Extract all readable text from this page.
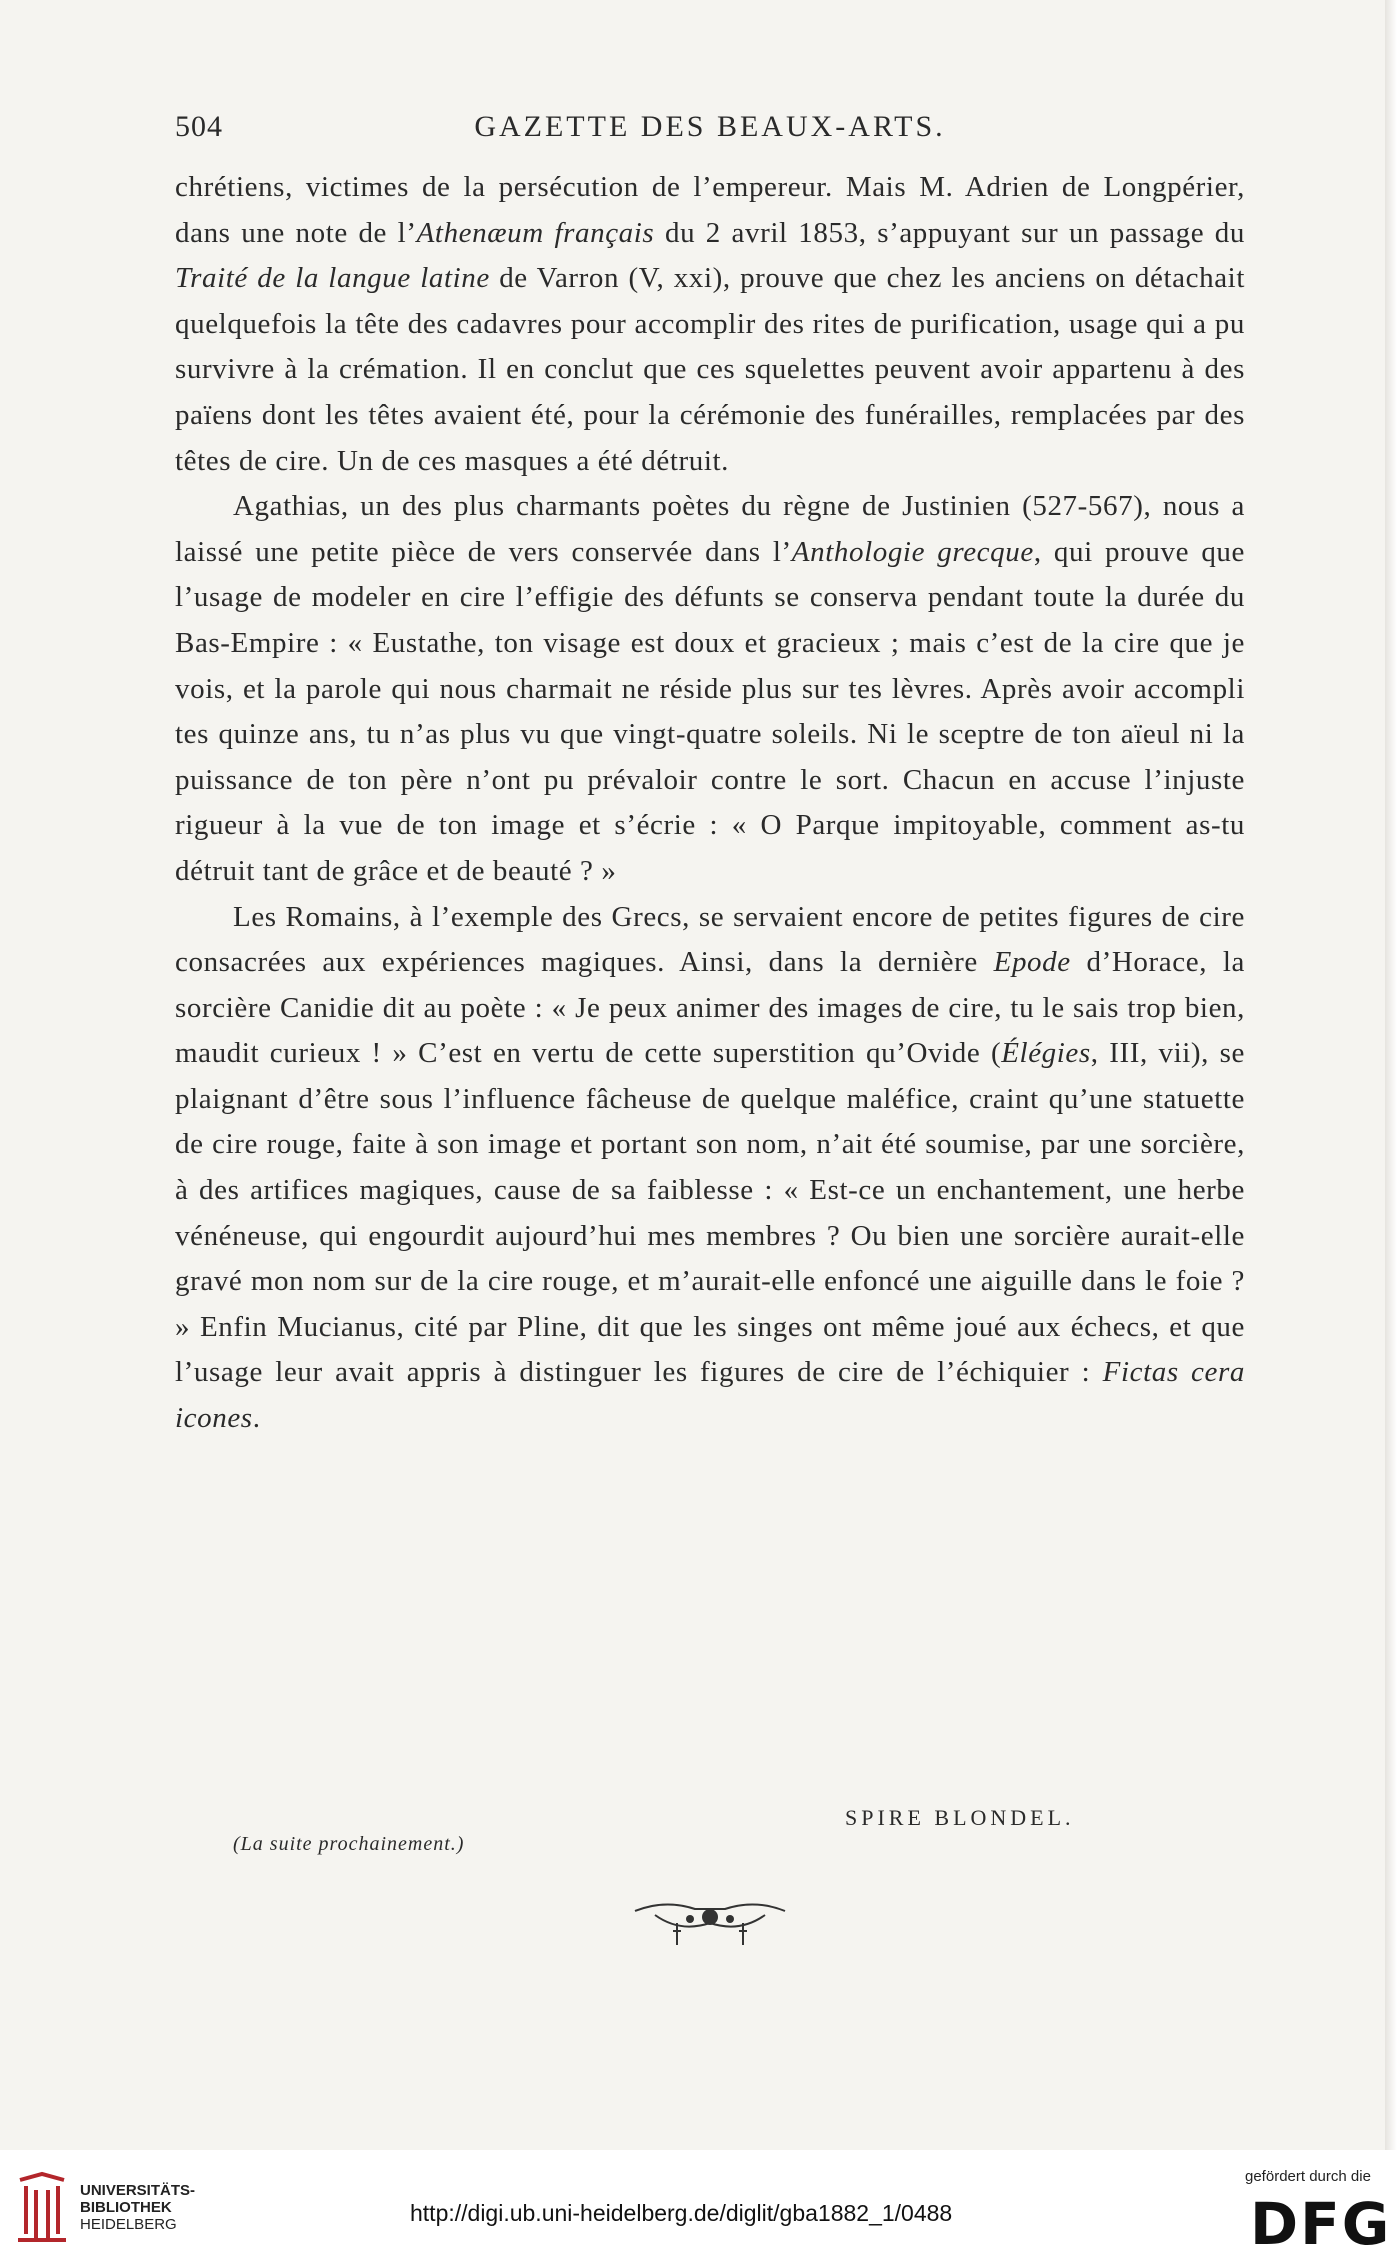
504	GAZETTE DES BEAUX-ARTS.

chrétiens, victimes de la persécution de l’empereur. Mais M. Adrien de Longpérier, dans une note de l’Athenæum français du 2 avril 1853, s’appuyant sur un passage du Traité de la langue latine de Varron (V, xxi), prouve que chez les anciens on détachait quelquefois la tête des cadavres pour accomplir des rites de purification, usage qui a pu survivre à la crémation. Il en conclut que ces squelettes peuvent avoir appartenu à des païens dont les têtes avaient été, pour la cérémonie des funérailles, remplacées par des têtes de cire. Un de ces masques a été détruit.

Agathias, un des plus charmants poètes du règne de Justinien (527-567), nous a laissé une petite pièce de vers conservée dans l’Anthologie grecque, qui prouve que l’usage de modeler en cire l’effigie des défunts se conserva pendant toute la durée du Bas-Empire : « Eustathe, ton visage est doux et gracieux ; mais c’est de la cire que je vois, et la parole qui nous charmait ne réside plus sur tes lèvres. Après avoir accompli tes quinze ans, tu n’as plus vu que vingt-quatre soleils. Ni le sceptre de ton aïeul ni la puissance de ton père n’ont pu prévaloir contre le sort. Chacun en accuse l’injuste rigueur à la vue de ton image et s’écrie : « O Parque impitoyable, comment as-tu détruit tant de grâce et de beauté ? »

Les Romains, à l’exemple des Grecs, se servaient encore de petites figures de cire consacrées aux expériences magiques. Ainsi, dans la dernière Epode d’Horace, la sorcière Canidie dit au poète : « Je peux animer des images de cire, tu le sais trop bien, maudit curieux ! » C’est en vertu de cette superstition qu’Ovide (Élégies, III, vii), se plaignant d’être sous l’influence fâcheuse de quelque maléfice, craint qu’une statuette de cire rouge, faite à son image et portant son nom, n’ait été soumise, par une sorcière, à des artifices magiques, cause de sa faiblesse : « Est-ce un enchantement, une herbe vénéneuse, qui engourdit aujourd’hui mes membres ? Ou bien une sorcière aurait-elle gravé mon nom sur de la cire rouge, et m’aurait-elle enfoncé une aiguille dans le foie ? » Enfin Mucianus, cité par Pline, dit que les singes ont même joué aux échecs, et que l’usage leur avait appris à distinguer les figures de cire de l’échiquier : Fictas cera icones.

SPIRE BLONDEL.
(La suite prochainement.)
UNIVERSITÄTS-
BIBLIOTHEK
HEIDELBERG	http://digi.ub.uni-heidelberg.de/diglit/gba1882_1/0488
gefördert durch die
DFG
